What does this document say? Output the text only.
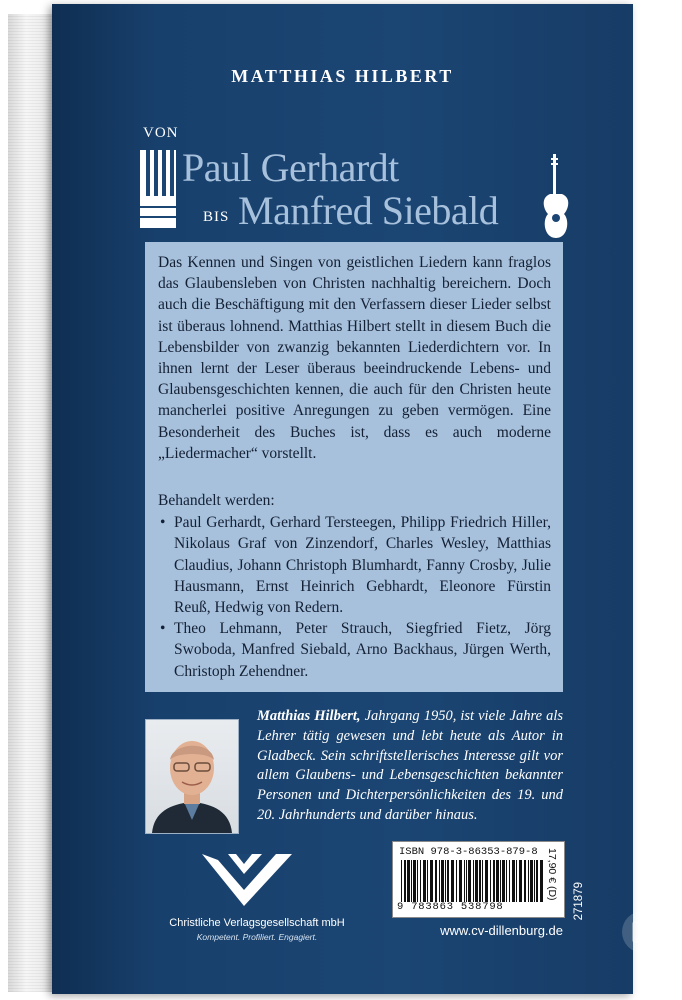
MATTHIAS HILBERT
VON
Paul Gerhardt
BIS Manfred Siebald

Das Kennen und Singen von geistlichen Liedern kann fraglos das Glaubensleben von Christen nachhaltig bereichern. Doch auch die Beschäftigung mit den Verfassern dieser Lieder selbst ist überaus lohnend. Matthias Hilbert stellt in diesem Buch die Lebensbilder von zwanzig bekannten Liederdichtern vor. In ihnen lernt der Leser überaus beeindruckende Lebens- und Glaubensgeschichten kennen, die auch für den Christen heute mancherlei positive Anregungen zu geben vermögen. Eine Besonderheit des Buches ist, dass es auch moderne „Liedermacher“ vorstellt.

Behandelt werden:

• Paul Gerhardt, Gerhard Tersteegen, Philipp Friedrich Hiller, Nikolaus Graf von Zinzendorf, Charles Wesley, Matthias Claudius, Johann Christoph Blumhardt, Fanny Crosby, Julie Hausmann, Ernst Heinrich Gebhardt, Eleonore Fürstin Reuß, Hedwig von Redern.
• Theo Lehmann, Peter Strauch, Siegfried Fietz, Jörg Swoboda, Manfred Siebald, Arno Backhaus, Jürgen Werth, Christoph Zehendner.
Matthias Hilbert, Jahrgang 1950, ist viele Jahre als Lehrer tätig gewesen und lebt heute als Autor in Gladbeck. Sein schriftstellerisches Interesse gilt vor allem Glaubens- und Lebensgeschichten bekannter Personen und Dichterpersönlichkeiten des 19. und 20. Jahrhunderts und darüber hinaus.
Christliche Verlagsgesellschaft mbH
Kompetent. Profiliert. Engagiert.
ISBN 978-3-86353-879-8
9 783863 538798
17,90 € (D)
271879
www.cv-dillenburg.de
leseplatz.de
